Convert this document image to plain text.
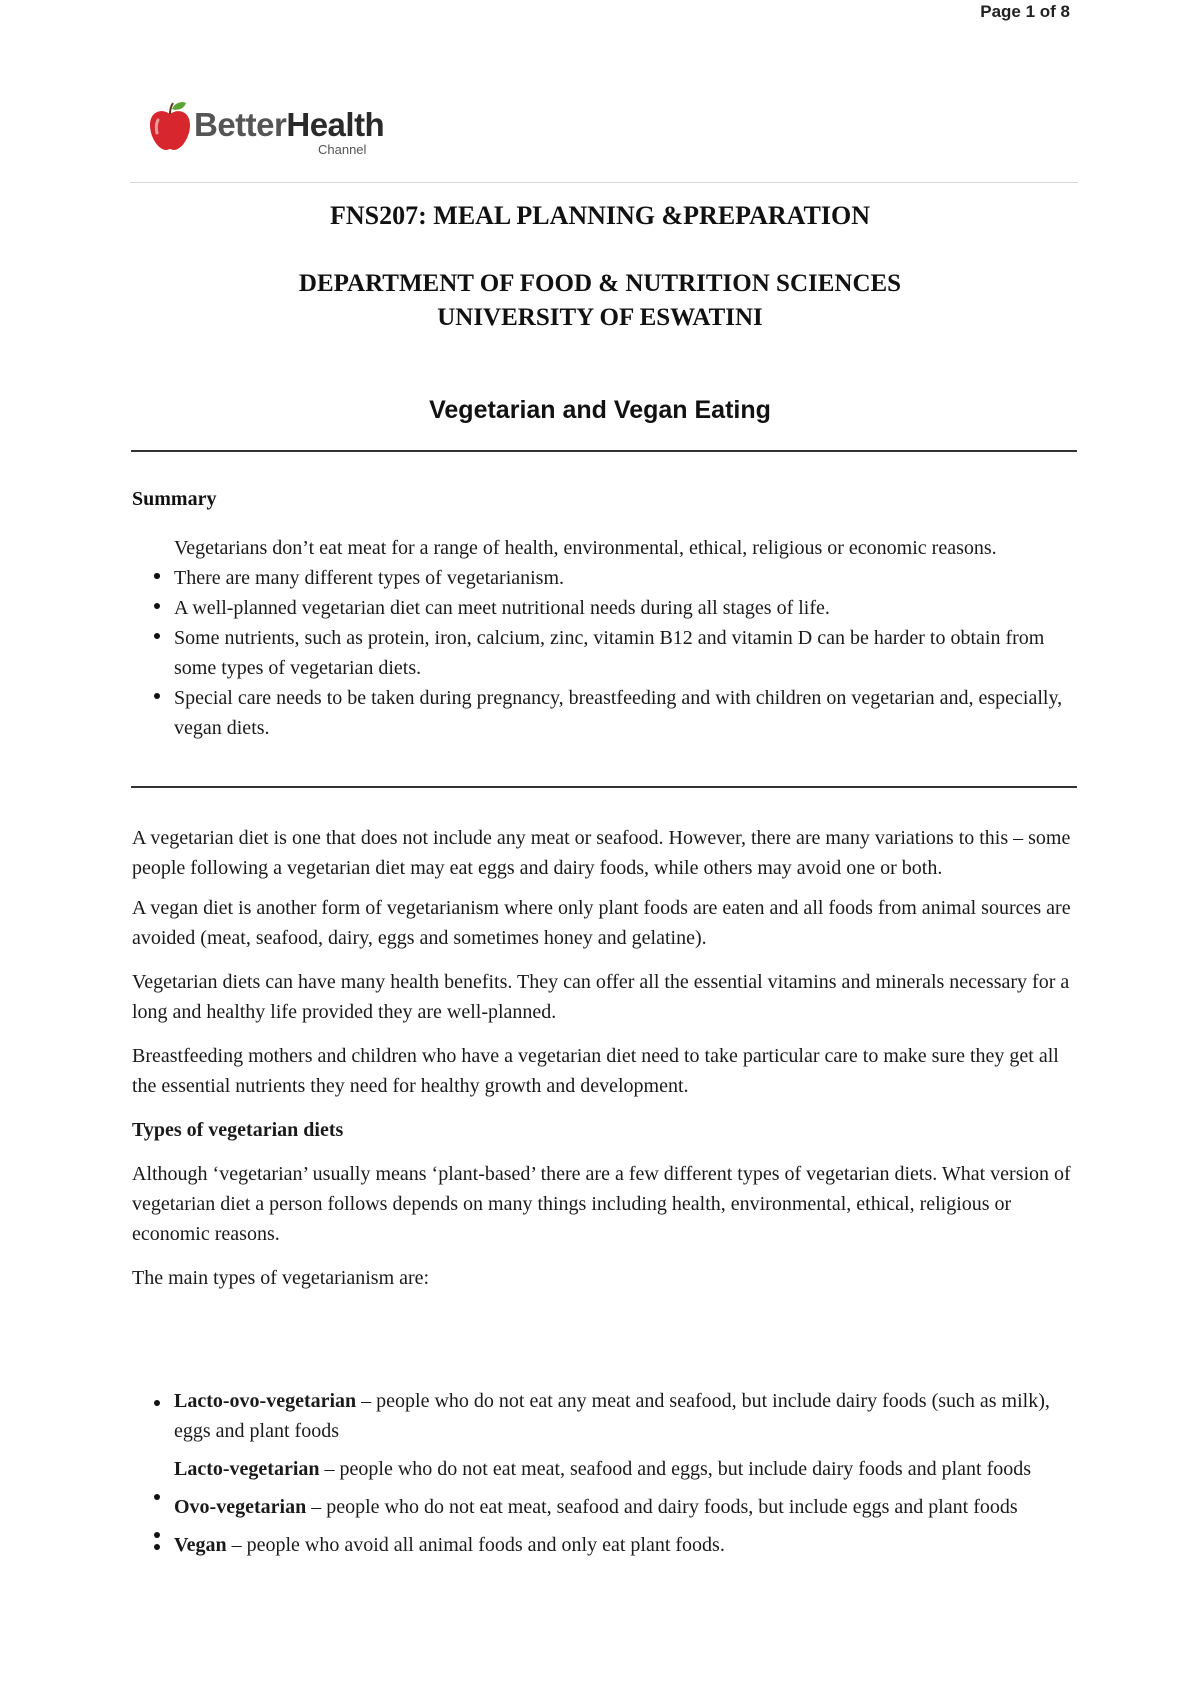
Page 1 of 8
BetterHealth
Channel
FNS207: MEAL PLANNING &PREPARATION
DEPARTMENT OF FOOD & NUTRITION SCIENCES
UNIVERSITY OF ESWATINI
Vegetarian and Vegan Eating
Summary
Vegetarians don’t eat meat for a range of health, environmental, ethical, religious or economic reasons.
There are many different types of vegetarianism.
A well-planned vegetarian diet can meet nutritional needs during all stages of life.
Some nutrients, such as protein, iron, calcium, zinc, vitamin B12 and vitamin D can be harder to obtain from some types of vegetarian diets.
Special care needs to be taken during pregnancy, breastfeeding and with children on vegetarian and, especially, vegan diets.

A vegetarian diet is one that does not include any meat or seafood. However, there are many variations to this – some people following a vegetarian diet may eat eggs and dairy foods, while others may avoid one or both.

A vegan diet is another form of vegetarianism where only plant foods are eaten and all foods from animal sources are avoided (meat, seafood, dairy, eggs and sometimes honey and gelatine).

Vegetarian diets can have many health benefits. They can offer all the essential vitamins and minerals necessary for a long and healthy life provided they are well-planned.

Breastfeeding mothers and children who have a vegetarian diet need to take particular care to make sure they get all the essential nutrients they need for healthy growth and development.

Types of vegetarian diets

Although ‘vegetarian’ usually means ‘plant-based’ there are a few different types of vegetarian diets. What version of vegetarian diet a person follows depends on many things including health, environmental, ethical, religious or economic reasons.

The main types of vegetarianism are:

Lacto-ovo-vegetarian – people who do not eat any meat and seafood, but include dairy foods (such as milk), eggs and plant foods
Lacto-vegetarian – people who do not eat meat, seafood and eggs, but include dairy foods and plant foods
Ovo-vegetarian – people who do not eat meat, seafood and dairy foods, but include eggs and plant foods
Vegan – people who avoid all animal foods and only eat plant foods.
